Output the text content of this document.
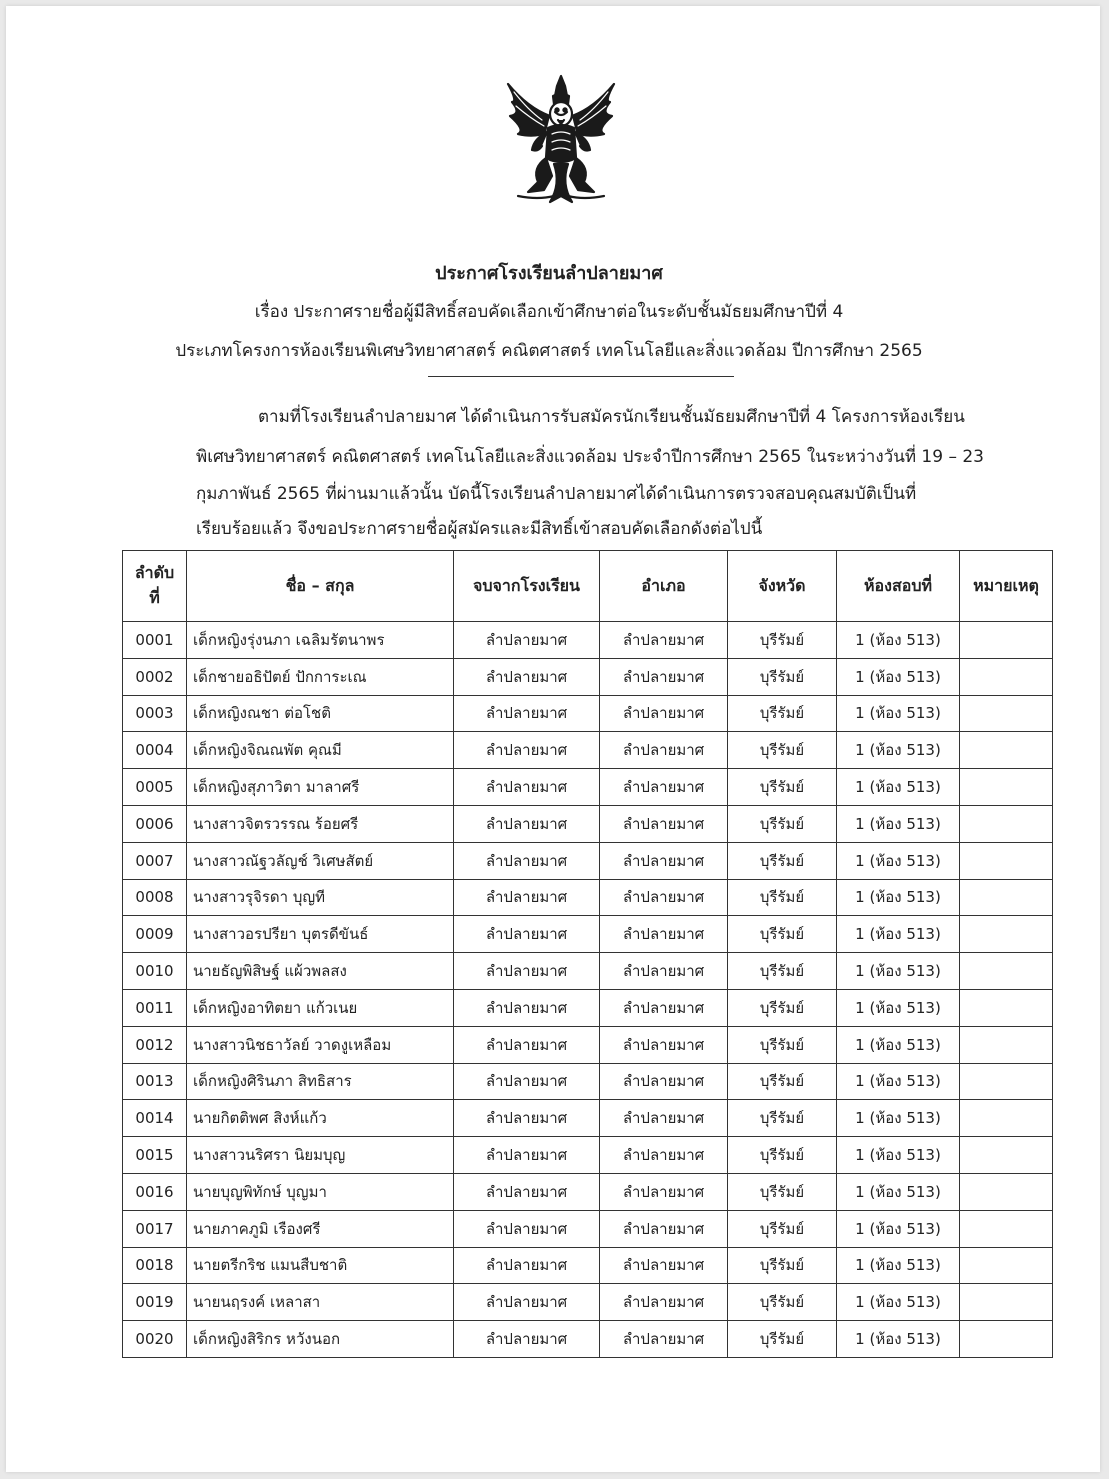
ประกาศโรงเรียนลำปลายมาศ
เรื่อง ประกาศรายชื่อผู้มีสิทธิ์สอบคัดเลือกเข้าศึกษาต่อในระดับชั้นมัธยมศึกษาปีที่ 4
ประเภทโครงการห้องเรียนพิเศษวิทยาศาสตร์ คณิตศาสตร์ เทคโนโลยีและสิ่งแวดล้อม ปีการศึกษา 2565
ตามที่โรงเรียนลำปลายมาศ ได้ดำเนินการรับสมัครนักเรียนชั้นมัธยมศึกษาปีที่ 4 โครงการห้องเรียน
พิเศษวิทยาศาสตร์ คณิตศาสตร์ เทคโนโลยีและสิ่งแวดล้อม ประจำปีการศึกษา 2565 ในระหว่างวันที่ 19 – 23
กุมภาพันธ์ 2565 ที่ผ่านมาแล้วนั้น บัดนี้โรงเรียนลำปลายมาศได้ดำเนินการตรวจสอบคุณสมบัติเป็นที่
เรียบร้อยแล้ว จึงขอประกาศรายชื่อผู้สมัครและมีสิทธิ์เข้าสอบคัดเลือกดังต่อไปนี้
ลำดับ
ที่	ชื่อ – สกุล	จบจากโรงเรียน	อำเภอ	จังหวัด	ห้องสอบที่	หมายเหตุ
0001	เด็กหญิงรุ่งนภา เฉลิมรัตนาพร	ลำปลายมาศ	ลำปลายมาศ	บุรีรัมย์	1 (ห้อง 513)	
0002	เด็กชายอธิปัตย์ ปักการะเณ	ลำปลายมาศ	ลำปลายมาศ	บุรีรัมย์	1 (ห้อง 513)	
0003	เด็กหญิงณชา ต่อโชติ	ลำปลายมาศ	ลำปลายมาศ	บุรีรัมย์	1 (ห้อง 513)	
0004	เด็กหญิงจิณณพัต คุณมี	ลำปลายมาศ	ลำปลายมาศ	บุรีรัมย์	1 (ห้อง 513)	
0005	เด็กหญิงสุภาวิตา มาลาศรี	ลำปลายมาศ	ลำปลายมาศ	บุรีรัมย์	1 (ห้อง 513)	
0006	นางสาวจิตรวรรณ ร้อยศรี	ลำปลายมาศ	ลำปลายมาศ	บุรีรัมย์	1 (ห้อง 513)	
0007	นางสาวณัฐวลัญช์ วิเศษสัตย์	ลำปลายมาศ	ลำปลายมาศ	บุรีรัมย์	1 (ห้อง 513)	
0008	นางสาวรุจิรดา บุญที	ลำปลายมาศ	ลำปลายมาศ	บุรีรัมย์	1 (ห้อง 513)	
0009	นางสาวอรปรียา บุตรดีขันธ์	ลำปลายมาศ	ลำปลายมาศ	บุรีรัมย์	1 (ห้อง 513)	
0010	นายธัญพิสิษฐ์ แผ้วพลสง	ลำปลายมาศ	ลำปลายมาศ	บุรีรัมย์	1 (ห้อง 513)	
0011	เด็กหญิงอาทิตยา แก้วเนย	ลำปลายมาศ	ลำปลายมาศ	บุรีรัมย์	1 (ห้อง 513)	
0012	นางสาวนิชธาวัลย์ วาดงูเหลือม	ลำปลายมาศ	ลำปลายมาศ	บุรีรัมย์	1 (ห้อง 513)	
0013	เด็กหญิงศิรินภา สิทธิสาร	ลำปลายมาศ	ลำปลายมาศ	บุรีรัมย์	1 (ห้อง 513)	
0014	นายกิตติพศ สิงห์แก้ว	ลำปลายมาศ	ลำปลายมาศ	บุรีรัมย์	1 (ห้อง 513)	
0015	นางสาวนริศรา นิยมบุญ	ลำปลายมาศ	ลำปลายมาศ	บุรีรัมย์	1 (ห้อง 513)	
0016	นายบุญพิทักษ์ บุญมา	ลำปลายมาศ	ลำปลายมาศ	บุรีรัมย์	1 (ห้อง 513)	
0017	นายภาคภูมิ เรืองศรี	ลำปลายมาศ	ลำปลายมาศ	บุรีรัมย์	1 (ห้อง 513)	
0018	นายตรีกริช แมนสืบชาติ	ลำปลายมาศ	ลำปลายมาศ	บุรีรัมย์	1 (ห้อง 513)	
0019	นายนฤรงค์ เหลาสา	ลำปลายมาศ	ลำปลายมาศ	บุรีรัมย์	1 (ห้อง 513)	
0020	เด็กหญิงสิริกร หวังนอก	ลำปลายมาศ	ลำปลายมาศ	บุรีรัมย์	1 (ห้อง 513)	
